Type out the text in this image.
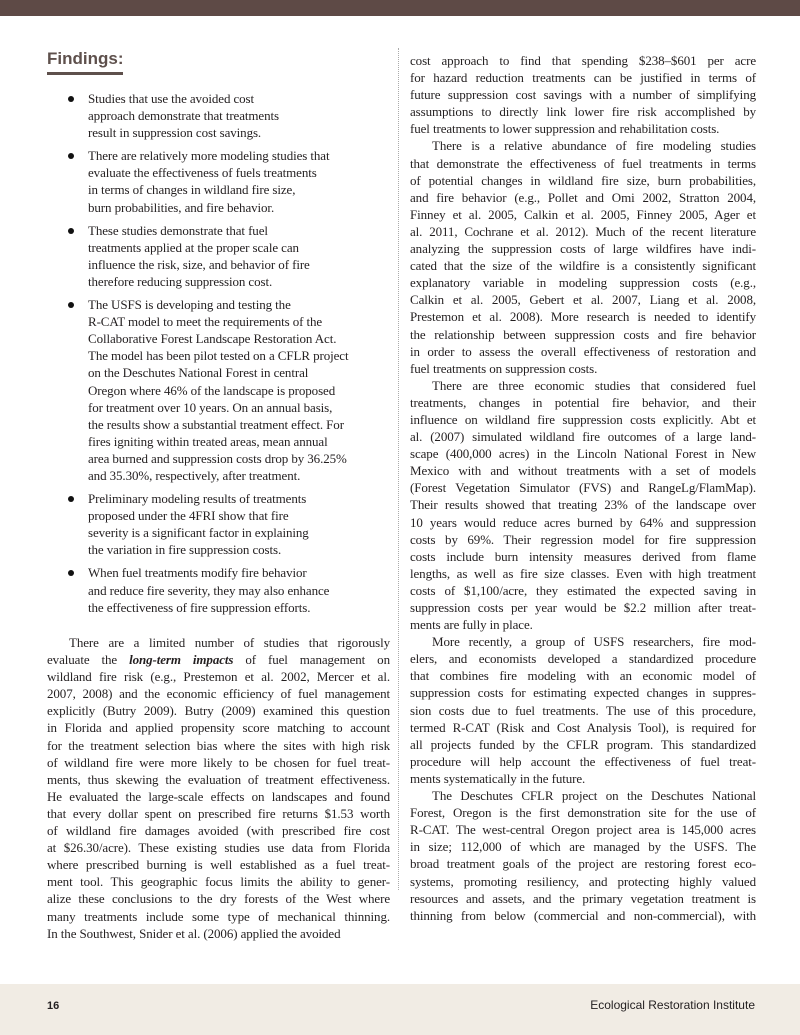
Findings:
Studies that use the avoided cost
approach demonstrate that treatments
result in suppression cost savings.
There are relatively more modeling studies that
evaluate the effectiveness of fuels treatments
in terms of changes in wildland fire size,
burn probabilities, and fire behavior.
These studies demonstrate that fuel
treatments applied at the proper scale can
influence the risk, size, and behavior of fire
therefore reducing suppression cost.
The USFS is developing and testing the
R-CAT model to meet the requirements of the
Collaborative Forest Landscape Restoration Act.
The model has been pilot tested on a CFLR project
on the Deschutes National Forest in central
Oregon where 46% of the landscape is proposed
for treatment over 10 years. On an annual basis,
the results show a substantial treatment effect. For
fires igniting within treated areas, mean annual
area burned and suppression costs drop by 36.25%
and 35.30%, respectively, after treatment.
Preliminary modeling results of treatments
proposed under the 4FRI show that fire
severity is a significant factor in explaining
the variation in fire suppression costs.
When fuel treatments modify fire behavior
and reduce fire severity, they may also enhance
the effectiveness of fire suppression efforts.
There are a limited number of studies that rigorously
evaluate the long-term impacts of fuel management on
wildland fire risk (e.g., Prestemon et al. 2002, Mercer et al.
2007, 2008) and the economic efficiency of fuel management
explicitly (Butry 2009). Butry (2009) examined this question
in Florida and applied propensity score matching to account
for the treatment selection bias where the sites with high risk
of wildland fire were more likely to be chosen for fuel treat-
ments, thus skewing the evaluation of treatment effectiveness.
He evaluated the large-scale effects on landscapes and found
that every dollar spent on prescribed fire returns $1.53 worth
of wildland fire damages avoided (with prescribed fire cost
at $26.30/acre). These existing studies use data from Florida
where prescribed burning is well established as a fuel treat-
ment tool. This geographic focus limits the ability to gener-
alize these conclusions to the dry forests of the West where
many treatments include some type of mechanical thinning.
In the Southwest, Snider et al. (2006) applied the avoided
cost approach to find that spending $238–$601 per acre
for hazard reduction treatments can be justified in terms of
future suppression cost savings with a number of simplifying
assumptions to directly link lower fire risk accomplished by
fuel treatments to lower suppression and rehabilitation costs.
There is a relative abundance of fire modeling studies
that demonstrate the effectiveness of fuel treatments in terms
of potential changes in wildland fire size, burn probabilities,
and fire behavior (e.g., Pollet and Omi 2002, Stratton 2004,
Finney et al. 2005, Calkin et al. 2005, Finney 2005, Ager et
al. 2011, Cochrane et al. 2012). Much of the recent literature
analyzing the suppression costs of large wildfires have indi-
cated that the size of the wildfire is a consistently significant
explanatory variable in modeling suppression costs (e.g.,
Calkin et al. 2005, Gebert et al. 2007, Liang et al. 2008,
Prestemon et al. 2008). More research is needed to identify
the relationship between suppression costs and fire behavior
in order to assess the overall effectiveness of restoration and
fuel treatments on suppression costs.
There are three economic studies that considered fuel
treatments, changes in potential fire behavior, and their
influence on wildland fire suppression costs explicitly. Abt et
al. (2007) simulated wildland fire outcomes of a large land-
scape (400,000 acres) in the Lincoln National Forest in New
Mexico with and without treatments with a set of models
(Forest Vegetation Simulator (FVS) and RangeLg/FlamMap).
Their results showed that treating 23% of the landscape over
10 years would reduce acres burned by 64% and suppression
costs by 69%. Their regression model for fire suppression
costs include burn intensity measures derived from flame
lengths, as well as fire size classes. Even with high treatment
costs of $1,100/acre, they estimated the expected saving in
suppression costs per year would be $2.2 million after treat-
ments are fully in place.
More recently, a group of USFS researchers, fire mod-
elers, and economists developed a standardized procedure
that combines fire modeling with an economic model of
suppression costs for estimating expected changes in suppres-
sion costs due to fuel treatments. The use of this procedure,
termed R-CAT (Risk and Cost Analysis Tool), is required for
all projects funded by the CFLR program. This standardized
procedure will help account the effectiveness of fuel treat-
ments systematically in the future.
The Deschutes CFLR project on the Deschutes National
Forest, Oregon is the first demonstration site for the use of
R-CAT. The west-central Oregon project area is 145,000 acres
in size; 112,000 of which are managed by the USFS. The
broad treatment goals of the project are restoring forest eco-
systems, promoting resiliency, and protecting highly valued
resources and assets, and the primary vegetation treatment is
thinning from below (commercial and non-commercial), with
16	Ecological Restoration Institute
